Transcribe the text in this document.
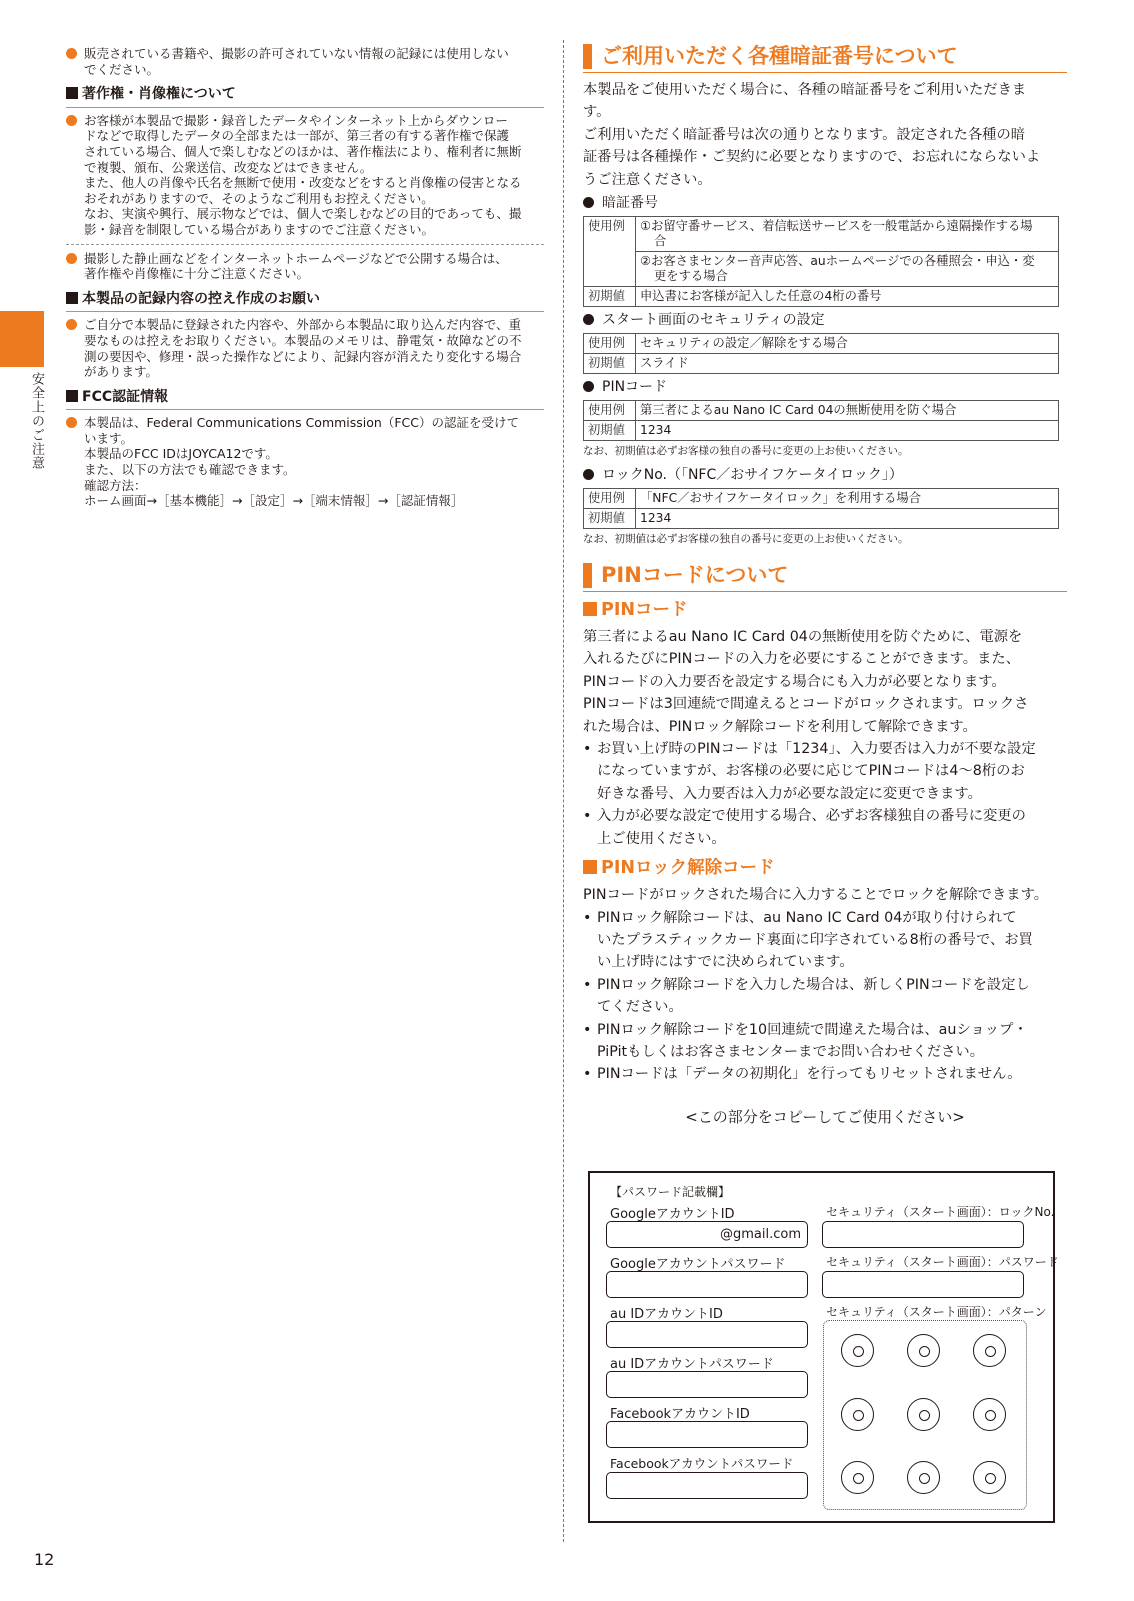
安全上のご注意
12

販売されている書籍や、撮影の許可されていない情報の記録には使用しない

でください。

著作権・肖像権について

お客様が本製品で撮影・録音したデータやインターネット上からダウンロー

ドなどで取得したデータの全部または一部が、第三者の有する著作権で保護

されている場合、個人で楽しむなどのほかは、著作権法により、権利者に無断

で複製、頒布、公衆送信、改変などはできません。

また、他人の肖像や氏名を無断で使用・改変などをすると肖像権の侵害となる

おそれがありますので、そのようなご利用もお控えください。

なお、実演や興行、展示物などでは、個人で楽しむなどの目的であっても、撮

影・録音を制限している場合がありますのでご注意ください。

撮影した静止画などをインターネットホームページなどで公開する場合は、

著作権や肖像権に十分ご注意ください。

本製品の記録内容の控え作成のお願い

ご自分で本製品に登録された内容や、外部から本製品に取り込んだ内容で、重

要なものは控えをお取りください。本製品のメモリは、静電気・故障などの不

測の要因や、修理・誤った操作などにより、記録内容が消えたり変化する場合

があります。

FCC認証情報

本製品は、Federal Communications Commission（FCC）の認証を受けて

います。

本製品のFCC IDはJOYCA12です。

また、以下の方法でも確認できます。

確認方法：

ホーム画面→［基本機能］→［設定］→［端末情報］→［認証情報］

ご利用いただく各種暗証番号について

本製品をご使用いただく場合に、各種の暗証番号をご利用いただきま

す。

ご利用いただく暗証番号は次の通りとなります。設定された各種の暗

証番号は各種操作・ご契約に必要となりますので、お忘れにならないよ

うご注意ください。

暗証番号
使用例	①お留守番サービス、着信転送サービスを一般電話から遠隔操作する場
合

	②お客さまセンター音声応答、auホームページでの各種照会・申込・変
更をする場合

初期値	申込書にお客様が記入した任意の4桁の番号
スタート画面のセキュリティの設定
使用例	セキュリティの設定／解除をする場合
初期値	スライド
PINコード
使用例	第三者によるau Nano IC Card 04の無断使用を防ぐ場合
初期値	1234
なお、初期値は必ずお客様の独自の番号に変更の上お使いください。
ロックNo.（「NFC／おサイフケータイロック」）
使用例	「NFC／おサイフケータイロック」を利用する場合
初期値	1234
なお、初期値は必ずお客様の独自の番号に変更の上お使いください。
PINコードについて
PINコード

第三者によるau Nano IC Card 04の無断使用を防ぐために、電源を

入れるたびにPINコードの入力を必要にすることができます。また、

PINコードの入力要否を設定する場合にも入力が必要となります。

PINコードは3回連続で間違えるとコードがロックされます。ロックさ

れた場合は、PINロック解除コードを利用して解除できます。

• お買い上げ時のPINコードは「1234」、入力要否は入力が不要な設定

になっていますが、お客様の必要に応じてPINコードは4〜8桁のお

好きな番号、入力要否は入力が必要な設定に変更できます。

• 入力が必要な設定で使用する場合、必ずお客様独自の番号に変更の

上ご使用ください。

PINロック解除コード

PINコードがロックされた場合に入力することでロックを解除できます。

• PINロック解除コードは、au Nano IC Card 04が取り付けられて

いたプラスティックカード裏面に印字されている8桁の番号で、お買

い上げ時にはすでに決められています。

• PINロック解除コードを入力した場合は、新しくPINコードを設定し

てください。

• PINロック解除コードを10回連続で間違えた場合は、auショップ・

PiPitもしくはお客さまセンターまでお問い合わせください。

• PINコードは「データの初期化」を行ってもリセットされません。

<この部分をコピーしてご使用ください>
【パスワード記載欄】
GoogleアカウントID
@gmail.com
Googleアカウントパスワード
au IDアカウントID
au IDアカウントパスワード
FacebookアカウントID
Facebookアカウントパスワード
セキュリティ（スタート画面）：ロックNo.
セキュリティ（スタート画面）：パスワード
セキュリティ（スタート画面）：パターン
